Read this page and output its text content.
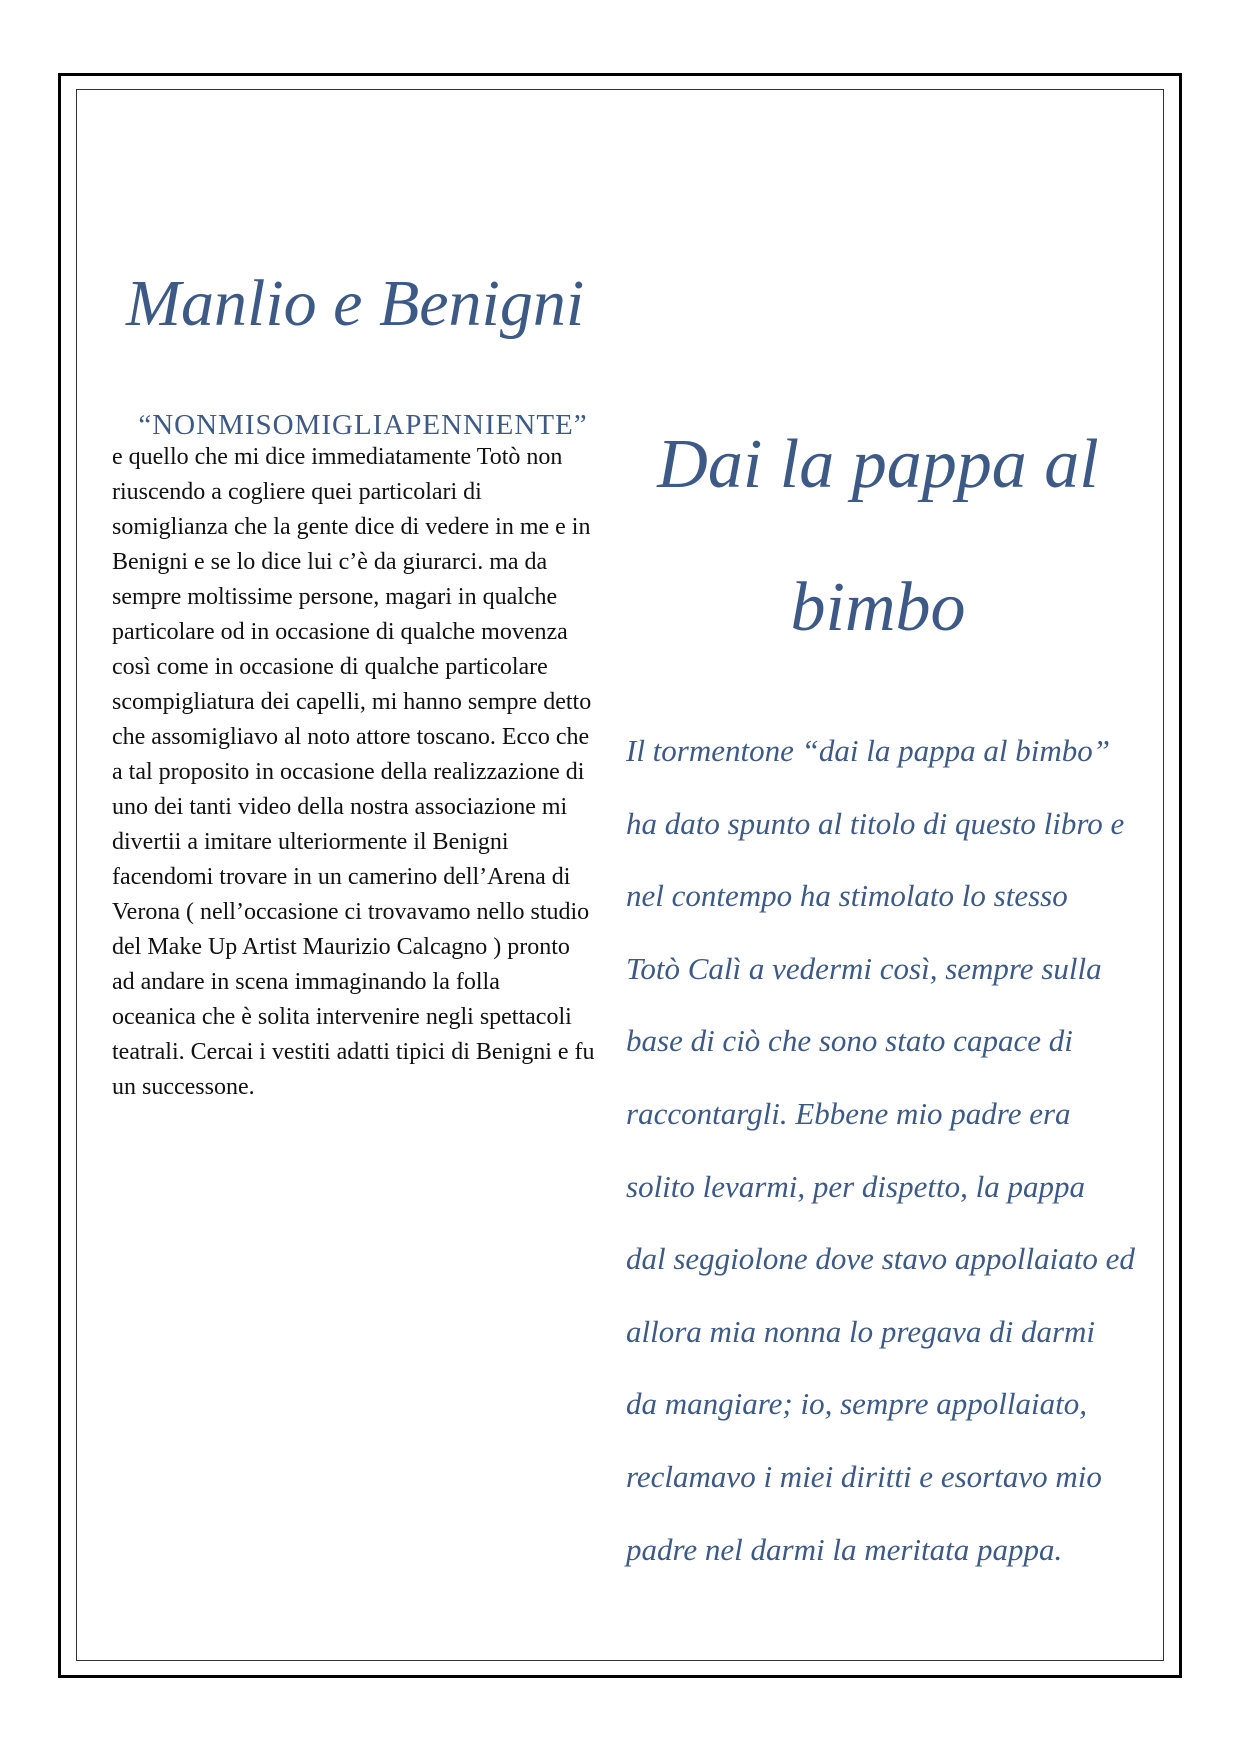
Manlio e Benigni
“NONMISOMIGLIAPENNIENTE”
e quello che mi dice immediatamente Totò non
riuscendo a cogliere quei particolari di
somiglianza che la gente dice di vedere in me e in
Benigni e se lo dice lui c’è da giurarci. ma da
sempre moltissime persone, magari in qualche
particolare od in occasione di qualche movenza
così come in occasione di qualche particolare
scompigliatura dei capelli, mi hanno sempre detto
che assomigliavo al noto attore toscano. Ecco che
a tal proposito in occasione della realizzazione di
uno dei tanti video della nostra associazione mi
divertii a imitare ulteriormente il Benigni
facendomi trovare in un camerino dell’Arena di
Verona ( nell’occasione ci trovavamo nello studio
del Make Up Artist Maurizio Calcagno ) pronto
ad andare in scena immaginando la folla
oceanica che è solita intervenire negli spettacoli
teatrali. Cercai i vestiti adatti tipici di Benigni e fu
un successone.
Dai la pappa al
bimbo
Il tormentone “dai la pappa al bimbo”
ha dato spunto al titolo di questo libro e
nel contempo ha stimolato lo stesso
Totò Calì a vedermi così, sempre sulla
base di ciò che sono stato capace di
raccontargli. Ebbene mio padre era
solito levarmi, per dispetto, la pappa
dal seggiolone dove stavo appollaiato ed
allora mia nonna lo pregava di darmi
da mangiare; io, sempre appollaiato,
reclamavo i miei diritti e esortavo mio
padre nel darmi la meritata pappa.
